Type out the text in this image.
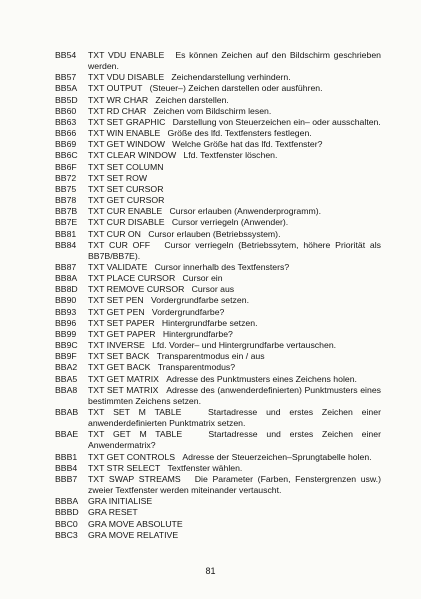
BB54 TXT VDU ENABLE Es können Zeichen auf den Bildschirm geschrieben werden.
BB57 TXT VDU DISABLE Zeichendarstellung verhindern.
BB5A TXT OUTPUT (Steuer–) Zeichen darstellen oder ausführen.
BB5D TXT WR CHAR Zeichen darstellen.
BB60 TXT RD CHAR Zeichen vom Bildschirm lesen.
BB63 TXT SET GRAPHIC Darstellung von Steuerzeichen ein– oder ausschalten.
BB66 TXT WIN ENABLE Größe des lfd. Textfensters festlegen.
BB69 TXT GET WINDOW Welche Größe hat das lfd. Textfenster?
BB6C TXT CLEAR WINDOW Lfd. Textfenster löschen.
BB6F TXT SET COLUMN
BB72 TXT SET ROW
BB75 TXT SET CURSOR
BB78 TXT GET CURSOR
BB7B TXT CUR ENABLE Cursor erlauben (Anwenderprogramm).
BB7E TXT CUR DISABLE Cursor verriegeln (Anwender).
BB81 TXT CUR ON Cursor erlauben (Betriebssystem).
BB84 TXT CUR OFF Cursor verriegeln (Betriebssytem, höhere Priorität als BB7B/BB7E).
BB87 TXT VALIDATE Cursor innerhalb des Textfensters?
BB8A TXT PLACE CURSOR Cursor ein
BB8D TXT REMOVE CURSOR Cursor aus
BB90 TXT SET PEN Vordergrundfarbe setzen.
BB93 TXT GET PEN Vordergrundfarbe?
BB96 TXT SET PAPER Hintergrundfarbe setzen.
BB99 TXT GET PAPER Hintergrundfarbe?
BB9C TXT INVERSE Lfd. Vorder– und Hintergrundfarbe vertauschen.
BB9F TXT SET BACK Transparentmodus ein / aus
BBA2 TXT GET BACK Transparentmodus?
BBA5 TXT GET MATRIX Adresse des Punktmusters eines Zeichens holen.
BBA8 TXT SET MATRIX Adresse des (anwenderdefinierten) Punktmusters eines bestimmten Zeichens setzen.
BBAB TXT SET M TABLE	Startadresse und erstes Zeichen einer anwenderdefinierten Punktmatrix setzen.
BBAE TXT GET M TABLE	Startadresse und erstes Zeichen einer Anwendermatrix?
BBB1 TXT GET CONTROLS Adresse der Steuerzeichen–Sprungtabelle holen.
BBB4 TXT STR SELECT Textfenster wählen.
BBB7 TXT SWAP STREAMS Die Parameter (Farben, Fenstergrenzen usw.) zweier Textfenster werden miteinander vertauscht.
BBBA GRA INITIALISE
BBBD GRA RESET
BBC0 GRA MOVE ABSOLUTE
BBC3 GRA MOVE RELATIVE
81
